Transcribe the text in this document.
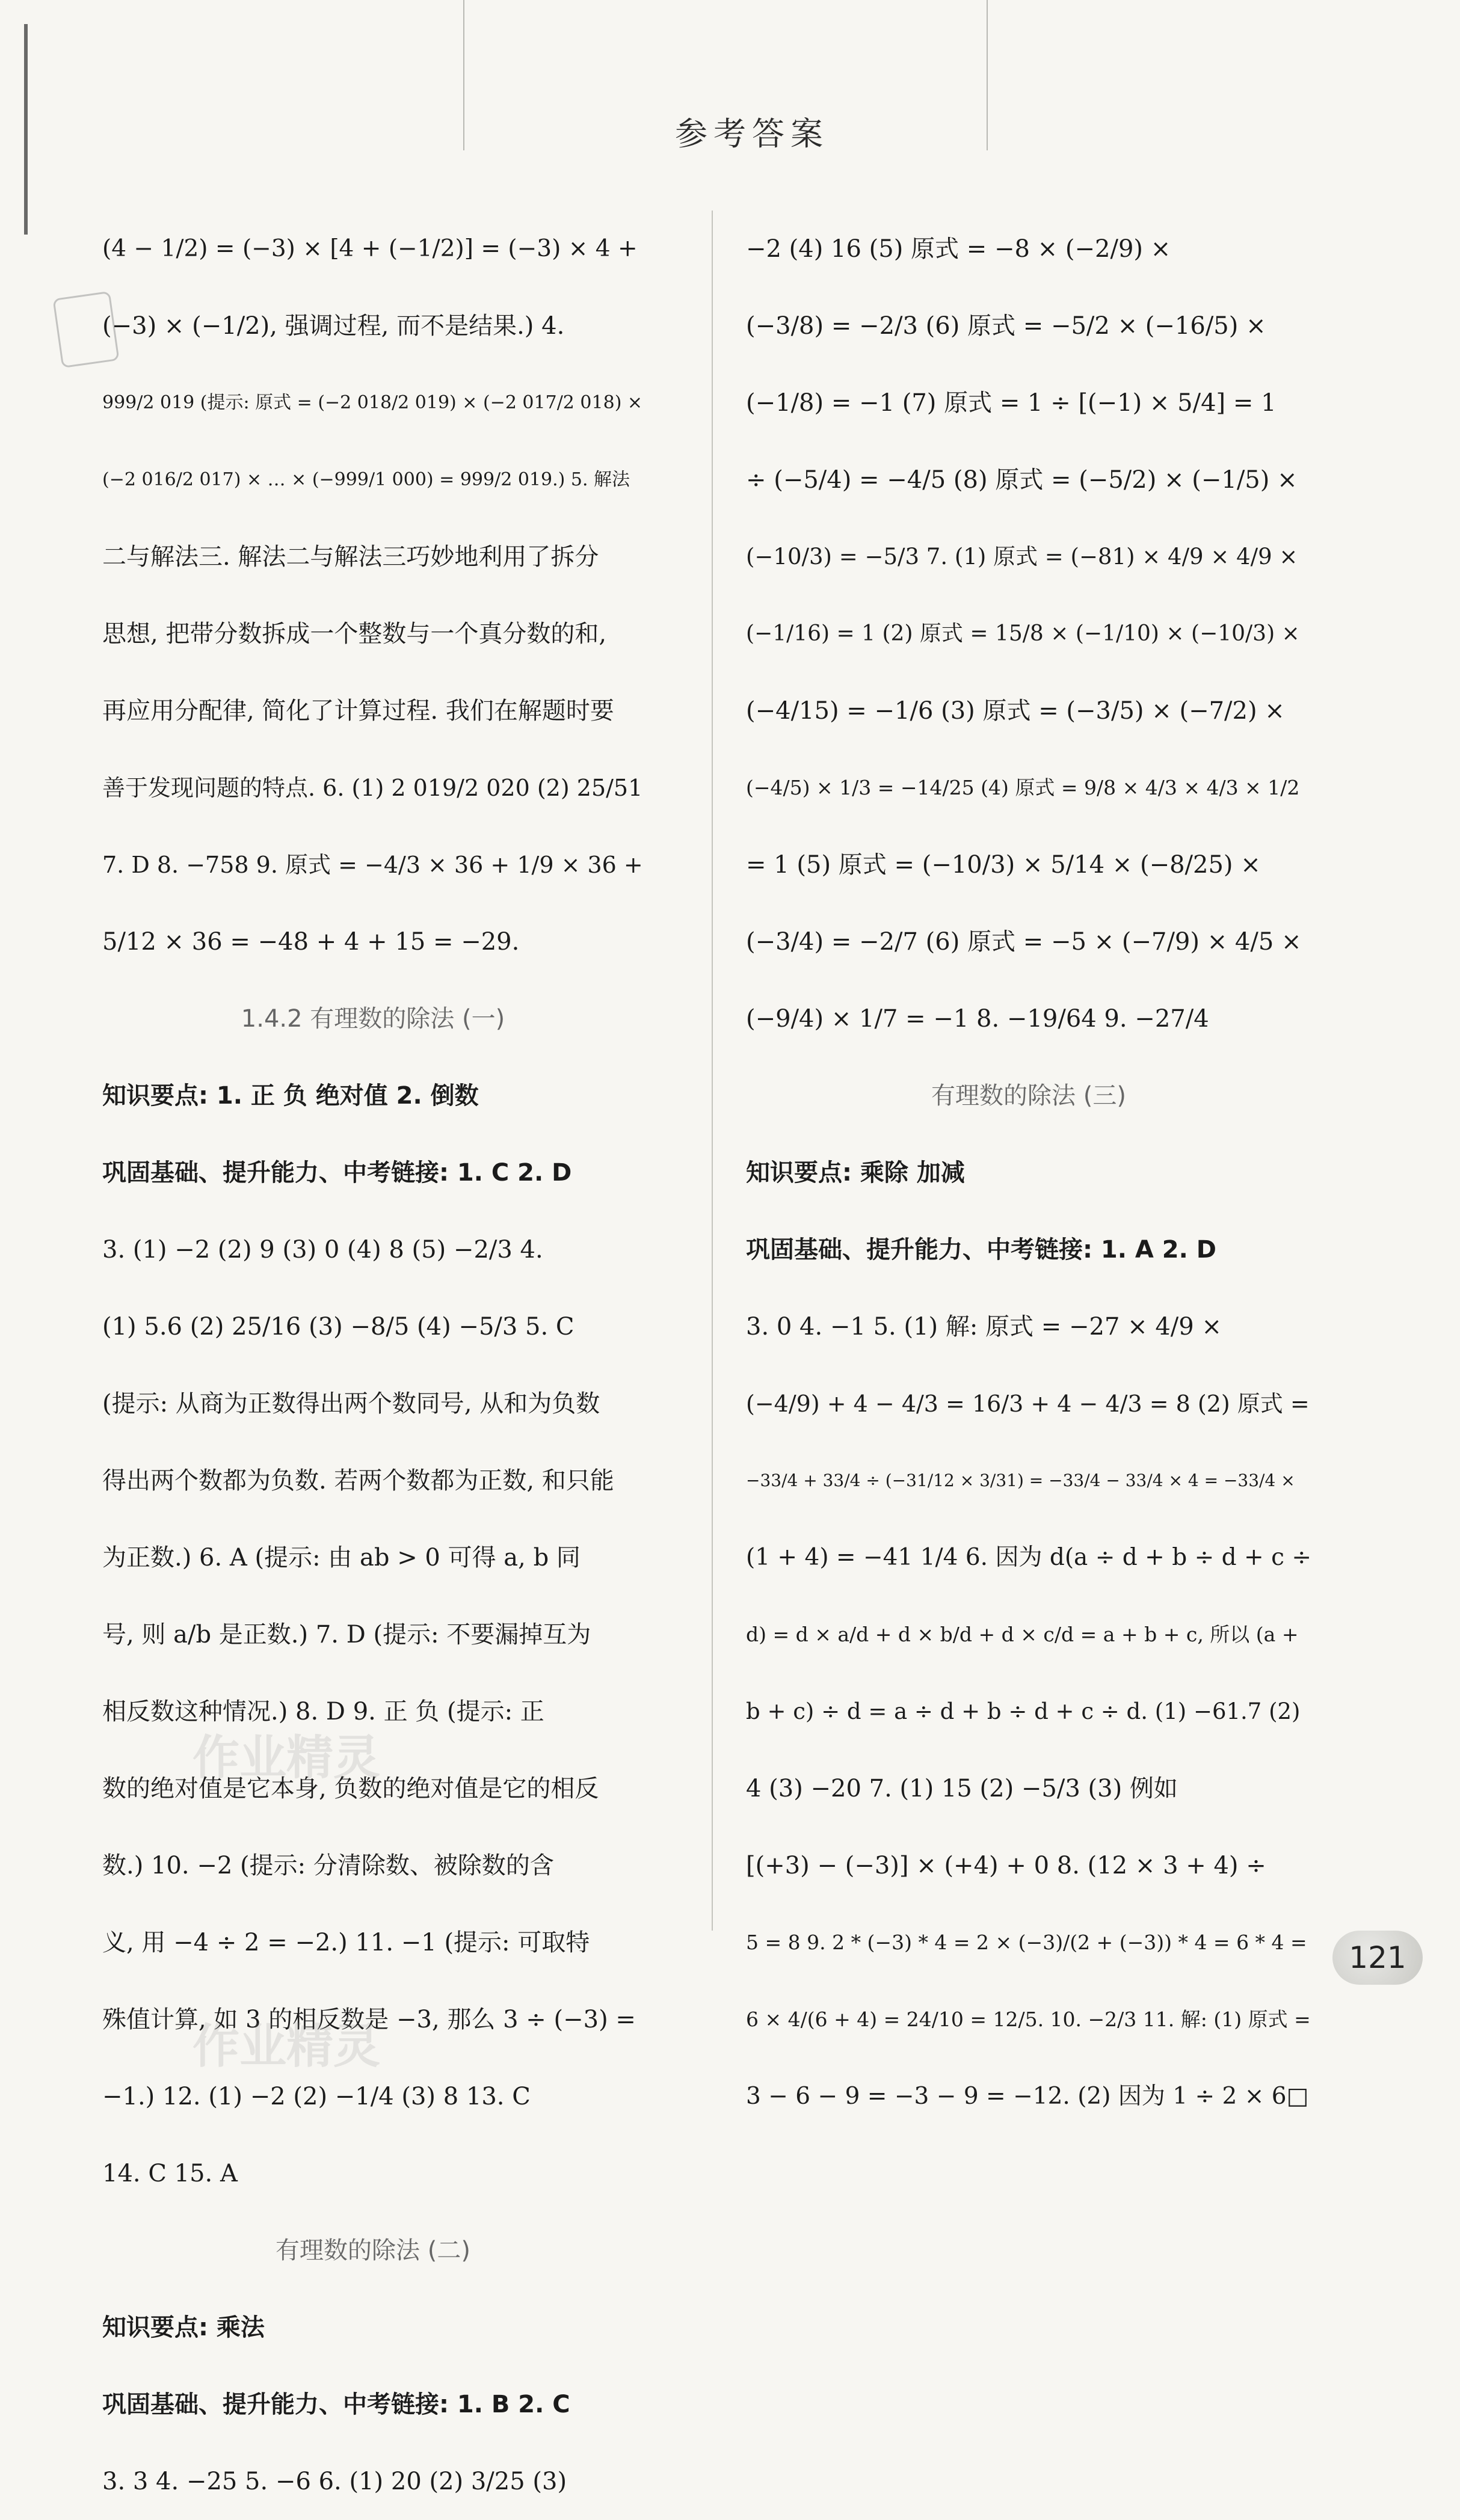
参考答案
(4 − 1/2) = (−3) × [4 + (−1/2)] = (−3) × 4 +
(−3) × (−1/2), 强调过程, 而不是结果.) 4.
999/2 019 (提示: 原式 = (−2 018/2 019) × (−2 017/2 018) ×
(−2 016/2 017) × … × (−999/1 000) = 999/2 019.) 5. 解法
二与解法三. 解法二与解法三巧妙地利用了拆分
思想, 把带分数拆成一个整数与一个真分数的和,
再应用分配律, 简化了计算过程. 我们在解题时要
善于发现问题的特点. 6. (1) 2 019/2 020 (2) 25/51
7. D 8. −758 9. 原式 = −4/3 × 36 + 1/9 × 36 +
5/12 × 36 = −48 + 4 + 15 = −29.
1.4.2 有理数的除法 (一)
知识要点: 1. 正 负 绝对值 2. 倒数
巩固基础、提升能力、中考链接: 1. C 2. D
3. (1) −2 (2) 9 (3) 0 (4) 8 (5) −2/3 4.
(1) 5.6 (2) 25/16 (3) −8/5 (4) −5/3 5. C
(提示: 从商为正数得出两个数同号, 从和为负数
得出两个数都为负数. 若两个数都为正数, 和只能
为正数.) 6. A (提示: 由 ab > 0 可得 a, b 同
号, 则 a/b 是正数.) 7. D (提示: 不要漏掉互为
相反数这种情况.) 8. D 9. 正 负 (提示: 正
数的绝对值是它本身, 负数的绝对值是它的相反
数.) 10. −2 (提示: 分清除数、被除数的含
义, 用 −4 ÷ 2 = −2.) 11. −1 (提示: 可取特
殊值计算, 如 3 的相反数是 −3, 那么 3 ÷ (−3) =
−1.) 12. (1) −2 (2) −1/4 (3) 8 13. C
14. C 15. A
有理数的除法 (二)
知识要点: 乘法
巩固基础、提升能力、中考链接: 1. B 2. C
3. 3 4. −25 5. −6 6. (1) 20 (2) 3/25 (3)
−2 (4) 16 (5) 原式 = −8 × (−2/9) ×
(−3/8) = −2/3 (6) 原式 = −5/2 × (−16/5) ×
(−1/8) = −1 (7) 原式 = 1 ÷ [(−1) × 5/4] = 1
÷ (−5/4) = −4/5 (8) 原式 = (−5/2) × (−1/5) ×
(−10/3) = −5/3 7. (1) 原式 = (−81) × 4/9 × 4/9 ×
(−1/16) = 1 (2) 原式 = 15/8 × (−1/10) × (−10/3) ×
(−4/15) = −1/6 (3) 原式 = (−3/5) × (−7/2) ×
(−4/5) × 1/3 = −14/25 (4) 原式 = 9/8 × 4/3 × 4/3 × 1/2
= 1 (5) 原式 = (−10/3) × 5/14 × (−8/25) ×
(−3/4) = −2/7 (6) 原式 = −5 × (−7/9) × 4/5 ×
(−9/4) × 1/7 = −1 8. −19/64 9. −27/4
有理数的除法 (三)
知识要点: 乘除 加减
巩固基础、提升能力、中考链接: 1. A 2. D
3. 0 4. −1 5. (1) 解: 原式 = −27 × 4/9 ×
(−4/9) + 4 − 4/3 = 16/3 + 4 − 4/3 = 8 (2) 原式 =
−33/4 + 33/4 ÷ (−31/12 × 3/31) = −33/4 − 33/4 × 4 = −33/4 ×
(1 + 4) = −41 1/4 6. 因为 d(a ÷ d + b ÷ d + c ÷
d) = d × a/d + d × b/d + d × c/d = a + b + c, 所以 (a +
b + c) ÷ d = a ÷ d + b ÷ d + c ÷ d. (1) −61.7 (2)
4 (3) −20 7. (1) 15 (2) −5/3 (3) 例如
[(+3) − (−3)] × (+4) + 0 8. (12 × 3 + 4) ÷
5 = 8 9. 2 * (−3) * 4 = 2 × (−3)/(2 + (−3)) * 4 = 6 * 4 =
6 × 4/(6 + 4) = 24/10 = 12/5. 10. −2/3 11. 解: (1) 原式 =
3 − 6 − 9 = −3 − 9 = −12. (2) 因为 1 ÷ 2 × 6□
作业精灵
作业精灵
121
